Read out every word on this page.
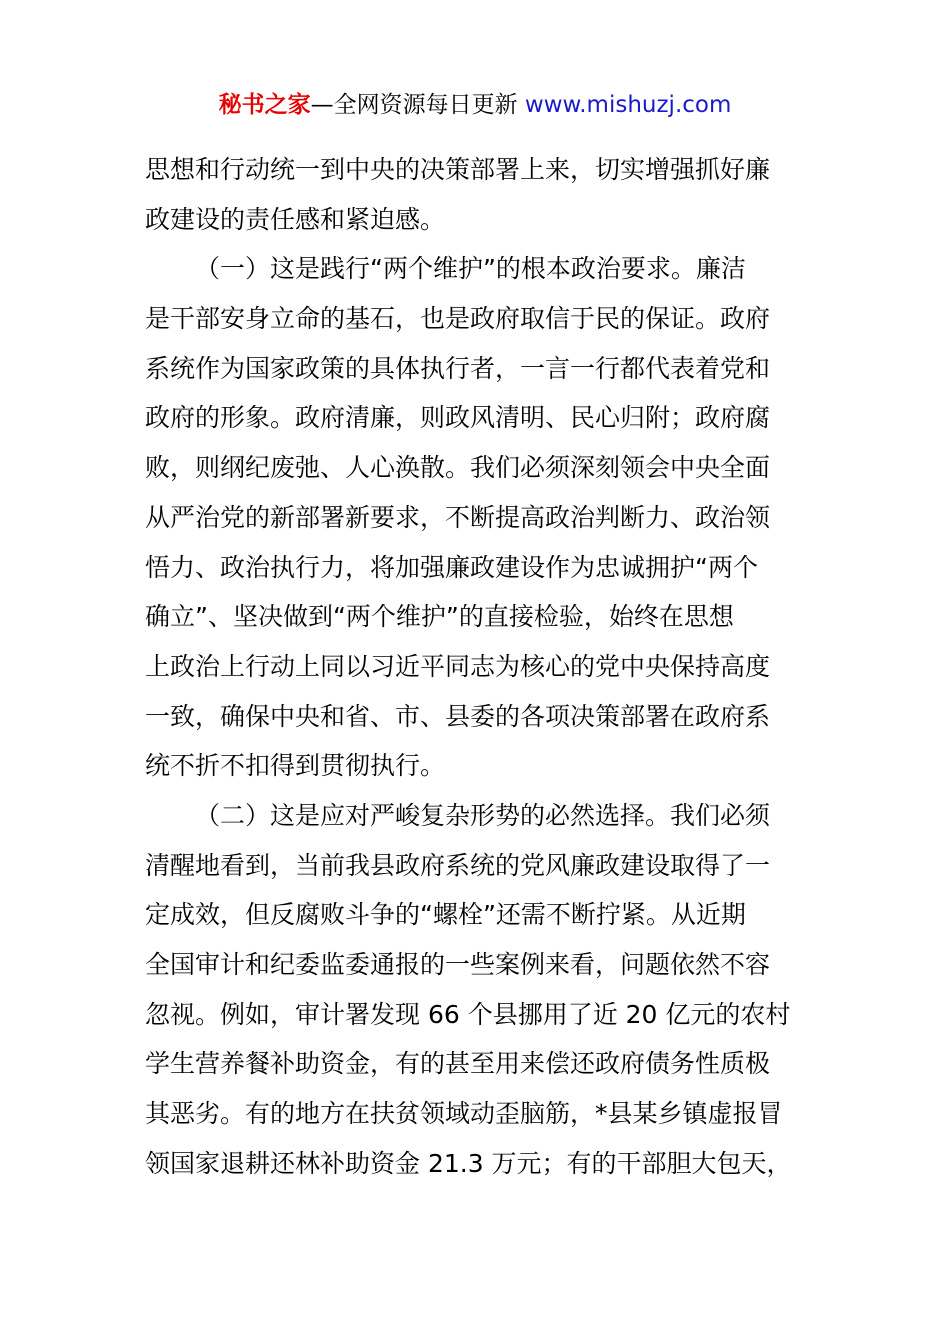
秘书之家—全网资源每日更新 www.mishuzj.com
思想和行动统一到中央的决策部署上来，切实增强抓好廉
政建设的责任感和紧迫感。
（一）这是践行“两个维护”的根本政治要求。廉洁
是干部安身立命的基石，也是政府取信于民的保证。政府
系统作为国家政策的具体执行者，一言一行都代表着党和
政府的形象。政府清廉，则政风清明、民心归附；政府腐
败，则纲纪废弛、人心涣散。我们必须深刻领会中央全面
从严治党的新部署新要求，不断提高政治判断力、政治领
悟力、政治执行力，将加强廉政建设作为忠诚拥护“两个
确立”、坚决做到“两个维护”的直接检验，始终在思想
上政治上行动上同以习近平同志为核心的党中央保持高度
一致，确保中央和省、市、县委的各项决策部署在政府系
统不折不扣得到贯彻执行。
（二）这是应对严峻复杂形势的必然选择。我们必须
清醒地看到，当前我县政府系统的党风廉政建设取得了一
定成效，但反腐败斗争的“螺栓”还需不断拧紧。从近期
全国审计和纪委监委通报的一些案例来看，问题依然不容
忽视。例如，审计署发现 66 个县挪用了近 20 亿元的农村
学生营养餐补助资金，有的甚至用来偿还政府债务性质极
其恶劣。有的地方在扶贫领域动歪脑筋，*县某乡镇虚报冒
领国家退耕还林补助资金 21.3 万元；有的干部胆大包天，
